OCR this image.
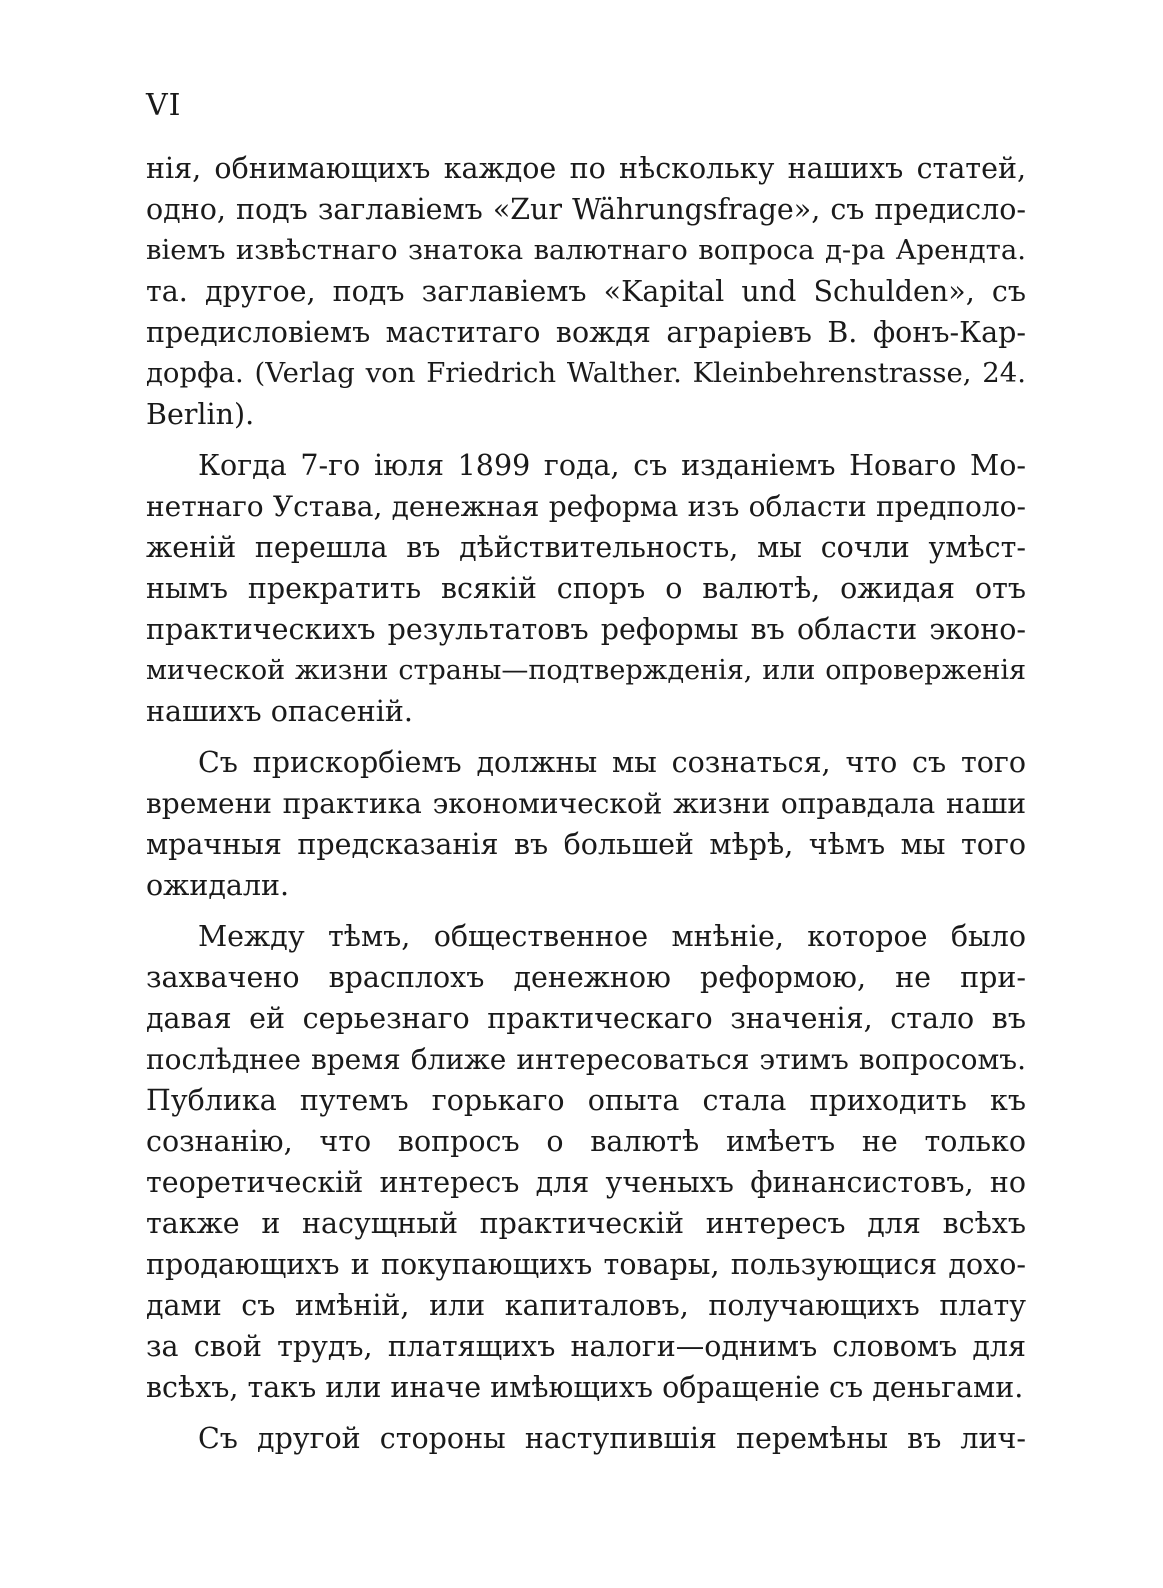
VI
нія, обнимающихъ каждое по нѣскольку нашихъ статей,
одно, подъ заглавіемъ «Zur Währungsfrage», съ предисло-
віемъ извѣстнаго знатока валютнаго вопроса д-ра Арендта.
та. другое, подъ заглавіемъ «Kapital und Schulden», съ
предисловіемъ маститаго вождя аграріевъ В. фонъ-Кар-
дорфа. (Verlag von Friedrich Walther. Kleinbehrenstrasse, 24.
Berlin).
Когда 7-го іюля 1899 года, съ изданіемъ Новаго Мо-
нетнаго Устава, денежная реформа изъ области предполо-
женій перешла въ дѣйствительность, мы сочли умѣст-
нымъ прекратить всякій споръ о валютѣ, ожидая отъ
практическихъ результатовъ реформы въ области эконо-
мической жизни страны—подтвержденія, или опроверженія
нашихъ опасеній.
Съ прискорбіемъ должны мы сознаться, что съ того
времени практика экономической жизни оправдала наши
мрачныя предсказанія въ большей мѣрѣ, чѣмъ мы того
ожидали.
Между тѣмъ, общественное мнѣніе, которое было
захвачено врасплохъ денежною реформою, не при-
давая ей серьезнаго практическаго значенія, стало въ
послѣднее время ближе интересоваться этимъ вопросомъ.
Публика путемъ горькаго опыта стала приходить къ
сознанію, что вопросъ о валютѣ имѣетъ не только
теоретическій интересъ для ученыхъ финансистовъ, но
также и насущный практическій интересъ для всѣхъ
продающихъ и покупающихъ товары, пользующися дохо-
дами съ имѣній, или капиталовъ, получающихъ плату
за свой трудъ, платящихъ налоги—однимъ словомъ для
всѣхъ, такъ или иначе имѣющихъ обращеніе съ деньгами.
Съ другой стороны наступившія перемѣны въ лич-
